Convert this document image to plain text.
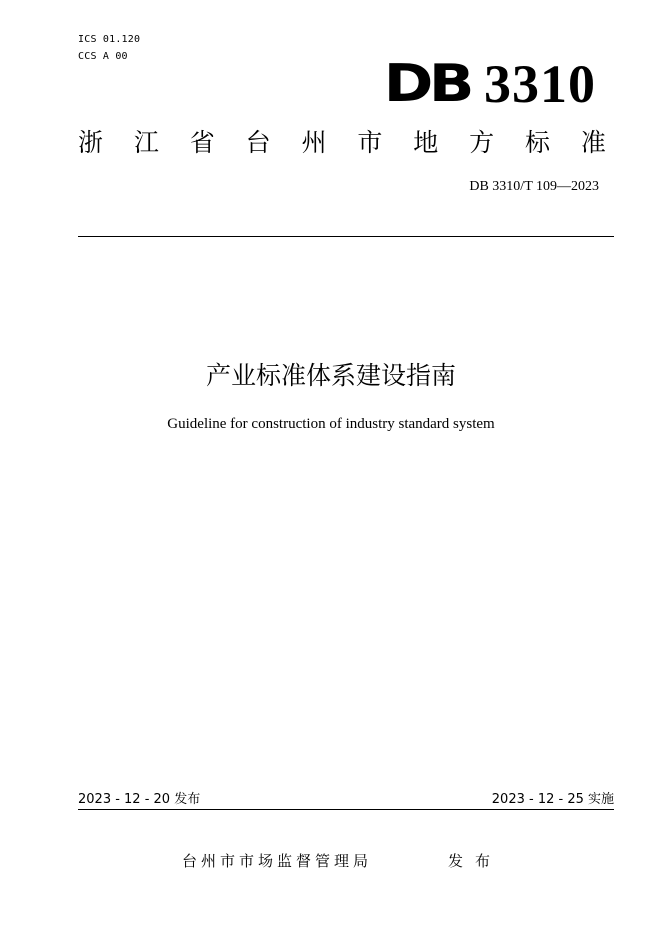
ICS 01.120
CCS A 00	DB 3310
浙 江 省 台 州 市 地 方 标 准
DB 3310/T 109—2023
产业标准体系建设指南
Guideline for construction of industry standard system
2023 - 12 - 20 发布	2023 - 12 - 25 实施
台州市市场监督管理局	发布
